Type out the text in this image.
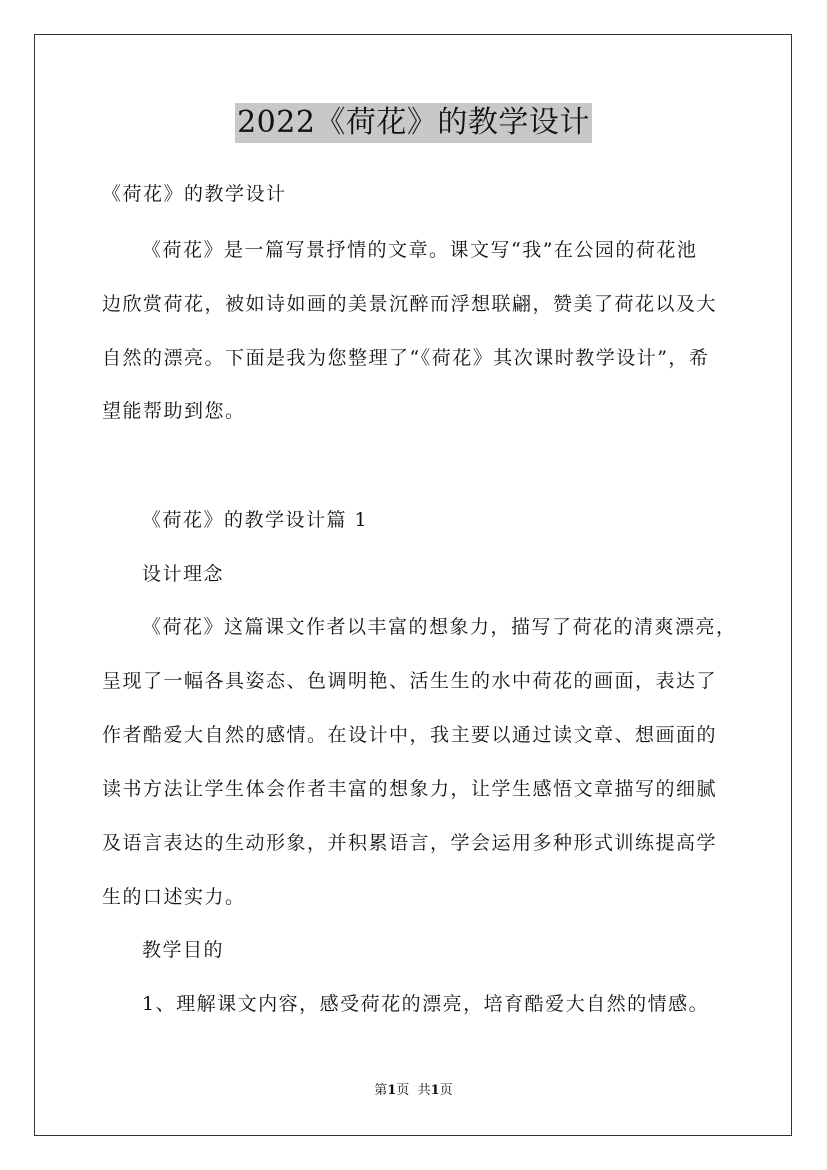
2022《荷花》的教学设计

《荷花》的教学设计

《荷花》是一篇写景抒情的文章。课文写“我”在公园的荷花池

边欣赏荷花，被如诗如画的美景沉醉而浮想联翩，赞美了荷花以及大

自然的漂亮。下面是我为您整理了“《荷花》其次课时教学设计”，希

望能帮助到您。

《荷花》的教学设计篇 1

设计理念

《荷花》这篇课文作者以丰富的想象力，描写了荷花的清爽漂亮，

呈现了一幅各具姿态、色调明艳、活生生的水中荷花的画面，表达了

作者酷爱大自然的感情。在设计中，我主要以通过读文章、想画面的

读书方法让学生体会作者丰富的想象力，让学生感悟文章描写的细腻

及语言表达的生动形象，并积累语言，学会运用多种形式训练提高学

生的口述实力。

教学目的

1、理解课文内容，感受荷花的漂亮，培育酷爱大自然的情感。

第1页 共1页
